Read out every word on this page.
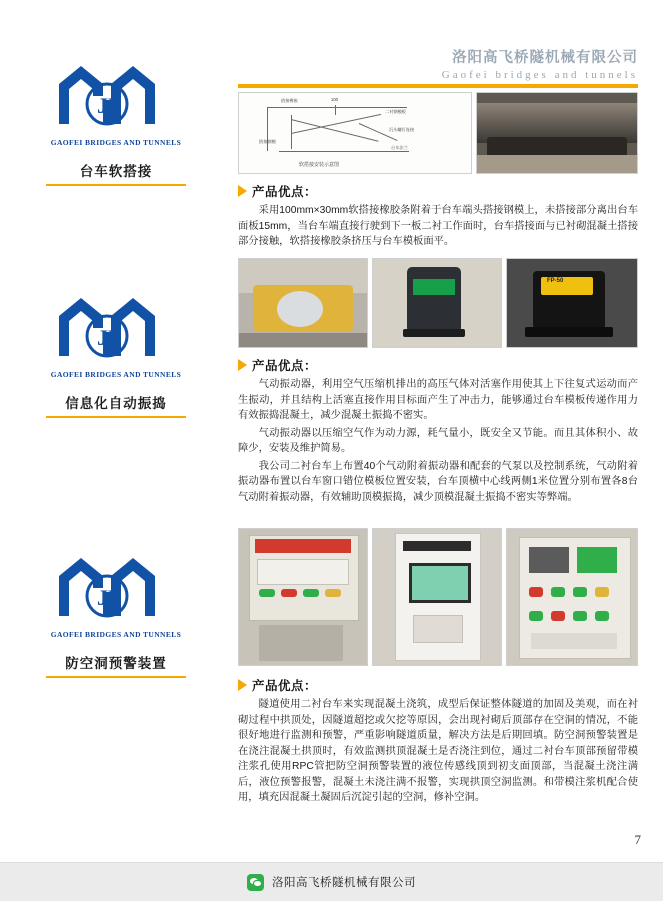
JF
GAOFEI BRIDGES AND TUNNELS
台车软搭接
JF
GAOFEI BRIDGES AND TUNNELS
信息化自动振捣
JF
GAOFEI BRIDGES AND TUNNELS
防空洞预警装置
洛阳高飞桥隧机械有限公司
Gaofei bridges and tunnels
搭接橡胶	100
二衬钢模板
沉头螺钉连接
搭接钢模
台车法兰
软搭接安装示意图
产品优点：

采用100mm×30mm软搭接橡胶条附着于台车端头搭接钢模上，未搭接部分离出台车面板15mm，当台车端直接行驶到下一板二衬工作面时，台车搭接面与已衬砌混凝土搭接部分接触，软搭接橡胶条挤压与台车模板面平。

FP-50
产品优点：

气动振动器，利用空气压缩机排出的高压气体对活塞作用使其上下往复式运动而产生振动，并且结构上活塞直接作用目标面产生了冲击力，能够通过台车模板传递作用力有效振捣混凝土，减少混凝土振捣不密实。

气动振动器以压缩空气作为动力源，耗气量小，既安全又节能。而且其体积小、故障少，安装及维护简易。

我公司二衬台车上布置40个气动附着振动器和配套的气泵以及控制系统，气动附着振动器布置以台车窗口错位模板位置安装，台车顶横中心线两侧1米位置分别布置各8台气动附着振动器，有效辅助顶模振捣，减少顶模混凝土振捣不密实等弊端。

产品优点：

隧道使用二衬台车来实现混凝土浇筑，成型后保证整体隧道的加固及美观，而在衬砌过程中拱顶处，因隧道超挖或欠挖等原因，会出现衬砌后顶部存在空洞的情况，不能很好地进行监测和预警，严重影响隧道质量，解决方法是后期回填。防空洞预警装置是在浇注混凝土拱顶时，有效监测拱顶混凝土是否浇注到位，通过二衬台车顶部预留带模注浆孔使用RPC管把防空洞预警装置的液位传感线顶到初支面顶部，当混凝土浇注满后，液位预警报警，混凝土未浇注满不报警，实现拱顶空洞监测。和带模注浆机配合使用，填充因混凝土凝固后沉淀引起的空洞，修补空洞。

7
洛阳高飞桥隧机械有限公司
